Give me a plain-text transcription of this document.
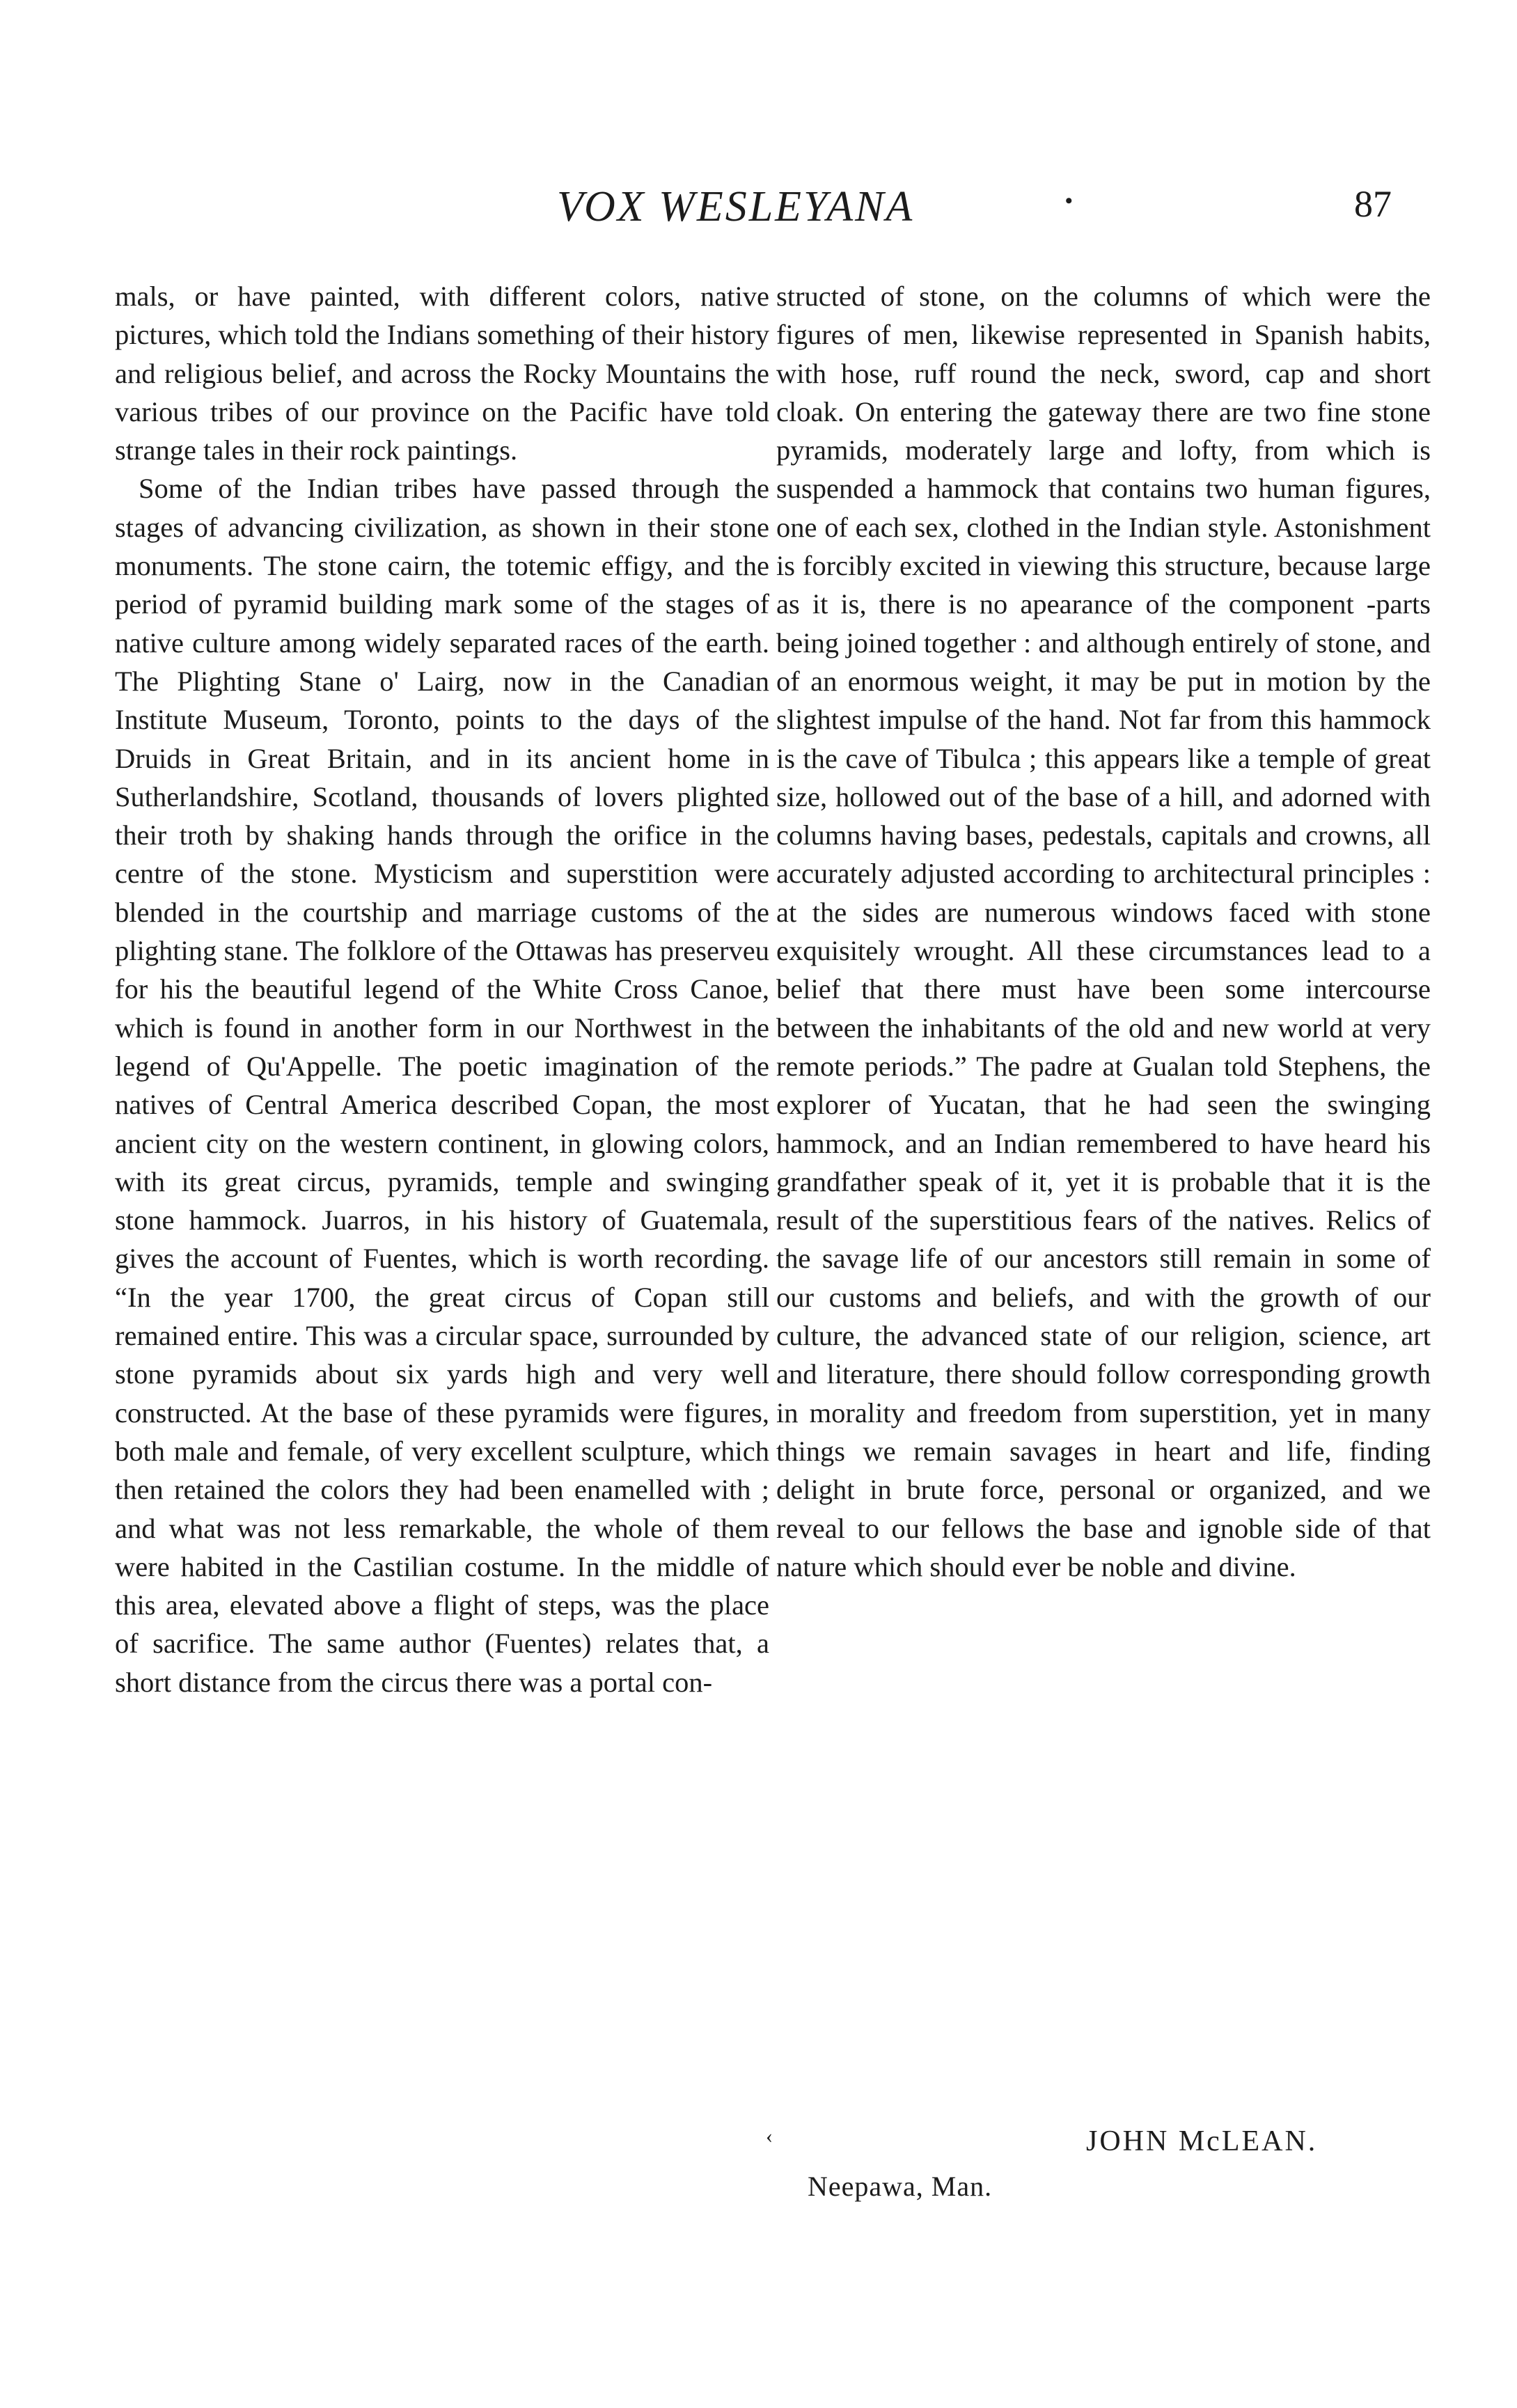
VOX WESLEYANA	•	87

mals, or have painted, with different colors, native pictures, which told the Indians something of their history and religious belief, and across the Rocky Mountains the various tribes of our province on the Pacific have told strange tales in their rock paintings.

Some of the Indian tribes have passed through the stages of advancing civilization, as shown in their stone monuments. The stone cairn, the totemic effigy, and the period of pyramid building mark some of the stages of native culture among widely separated races of the earth. The Plighting Stane o' Lairg, now in the Canadian Institute Museum, Toronto, points to the days of the Druids in Great Britain, and in its ancient home in Sutherlandshire, Scotland, thousands of lovers plighted their troth by shaking hands through the orifice in the centre of the stone. Mysticism and superstition were blended in the courtship and marriage customs of the plighting stane. The folklore of the Ottawas has preserveu for his the beautiful legend of the White Cross Canoe, which is found in another form in our Northwest in the legend of Qu'Appelle. The poetic imagination of the natives of Central America described Copan, the most ancient city on the western continent, in glowing colors, with its great circus, pyramids, temple and swinging stone hammock. Juarros, in his history of Guatemala, gives the account of Fuentes, which is worth recording. “In the year 1700, the great circus of Copan still remained entire. This was a circular space, surrounded by stone pyramids about six yards high and very well constructed. At the base of these pyramids were figures, both male and female, of very excellent sculpture, which then retained the colors they had been enamelled with ; and what was not less remarkable, the whole of them were habited in the Castilian costume. In the middle of this area, elevated above a flight of steps, was the place of sacrifice. The same author (Fuentes) relates that, a short distance from the circus there was a portal con-

structed of stone, on the columns of which were the figures of men, likewise represented in Spanish habits, with hose, ruff round the neck, sword, cap and short cloak. On entering the gateway there are two fine stone pyramids, moderately large and lofty, from which is suspended a hammock that contains two human figures, one of each sex, clothed in the Indian style. Astonishment is forcibly excited in viewing this structure, because large as it is, there is no apearance of the component -parts being joined together : and although entirely of stone, and of an enormous weight, it may be put in motion by the slightest impulse of the hand. Not far from this hammock is the cave of Tibulca ; this appears like a temple of great size, hollowed out of the base of a hill, and adorned with columns having bases, pedestals, capitals and crowns, all accurately adjusted according to architectural principles : at the sides are numerous windows faced with stone exquisitely wrought. All these circumstances lead to a belief that there must have been some intercourse between the inhabitants of the old and new world at very remote periods.” The padre at Gualan told Stephens, the explorer of Yucatan, that he had seen the swinging hammock, and an Indian remembered to have heard his grandfather speak of it, yet it is probable that it is the result of the superstitious fears of the natives. Relics of the savage life of our ancestors still remain in some of our customs and beliefs, and with the growth of our culture, the advanced state of our religion, science, art and literature, there should follow corresponding growth in morality and freedom from superstition, yet in many things we remain savages in heart and life, finding delight in brute force, personal or organized, and we reveal to our fellows the base and ignoble side of that nature which should ever be noble and divine.

‹	JOHN McLEAN.
Neepawa, Man.
